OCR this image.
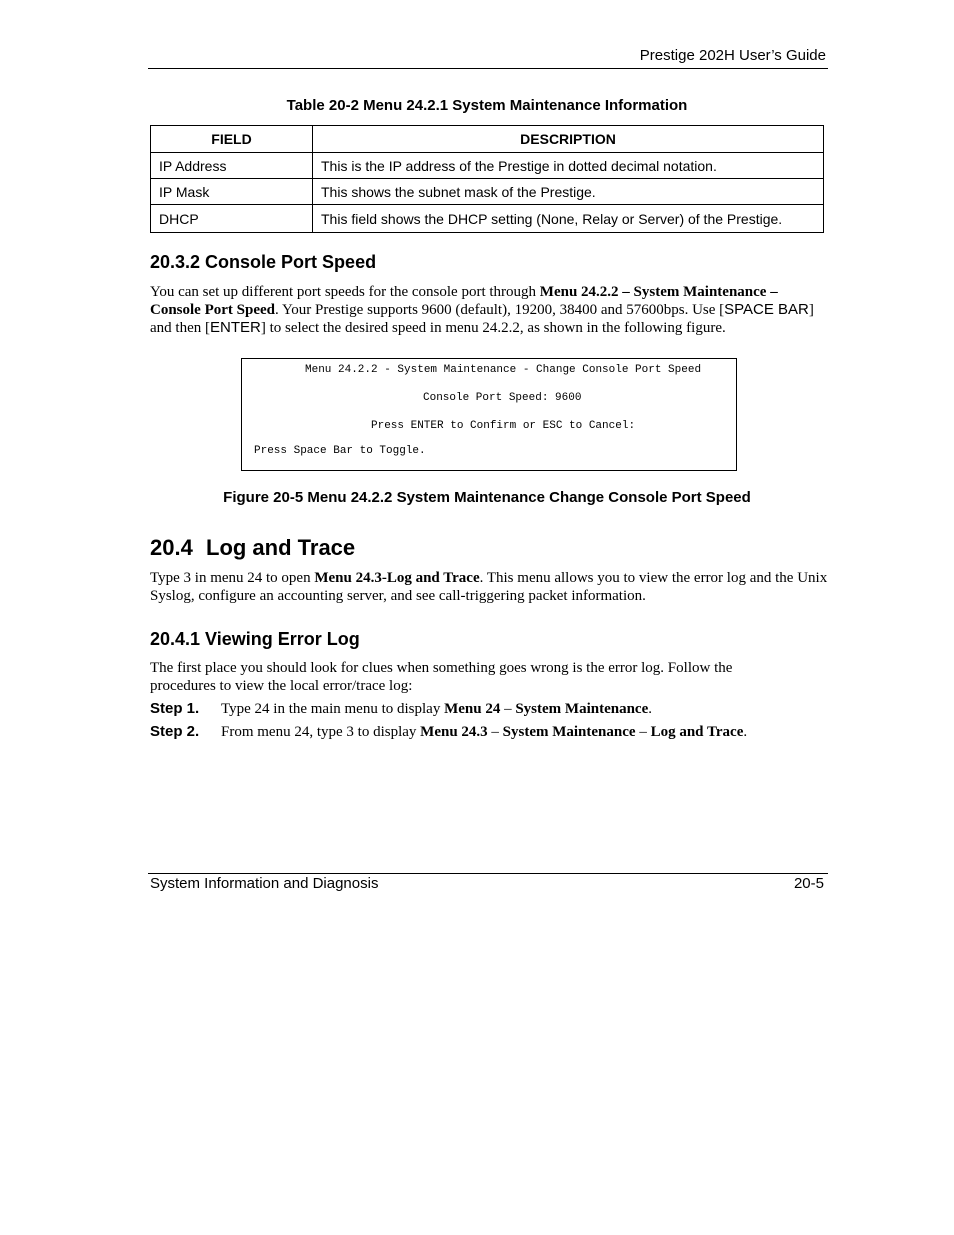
Prestige 202H User’s Guide
Table 20-2 Menu 24.2.1 System Maintenance Information
FIELD	DESCRIPTION
IP Address	This is the IP address of the Prestige in dotted decimal notation.
IP Mask	This shows the subnet mask of the Prestige.
DHCP	This field shows the DHCP setting (None, Relay or Server) of the Prestige.
20.3.2 Console Port Speed
You can set up different port speeds for the console port through Menu 24.2.2 – System Maintenance – Console Port Speed. Your Prestige supports 9600 (default), 19200, 38400 and 57600bps. Use [SPACE BAR] and then [ENTER] to select the desired speed in menu 24.2.2, as shown in the following figure.
Menu 24.2.2 - System Maintenance - Change Console Port Speed
Console Port Speed: 9600
Press ENTER to Confirm or ESC to Cancel:
Press Space Bar to Toggle.
Figure 20-5 Menu 24.2.2 System Maintenance Change Console Port Speed
20.4 Log and Trace
Type 3 in menu 24 to open Menu 24.3-Log and Trace. This menu allows you to view the error log and the Unix Syslog, configure an accounting server, and see call-triggering packet information.
20.4.1 Viewing Error Log
The first place you should look for clues when something goes wrong is the error log. Follow the procedures to view the local error/trace log:
Step 1. Type 24 in the main menu to display Menu 24 – System Maintenance.
Step 2. From menu 24, type 3 to display Menu 24.3 – System Maintenance – Log and Trace.
System Information and Diagnosis	20-5
